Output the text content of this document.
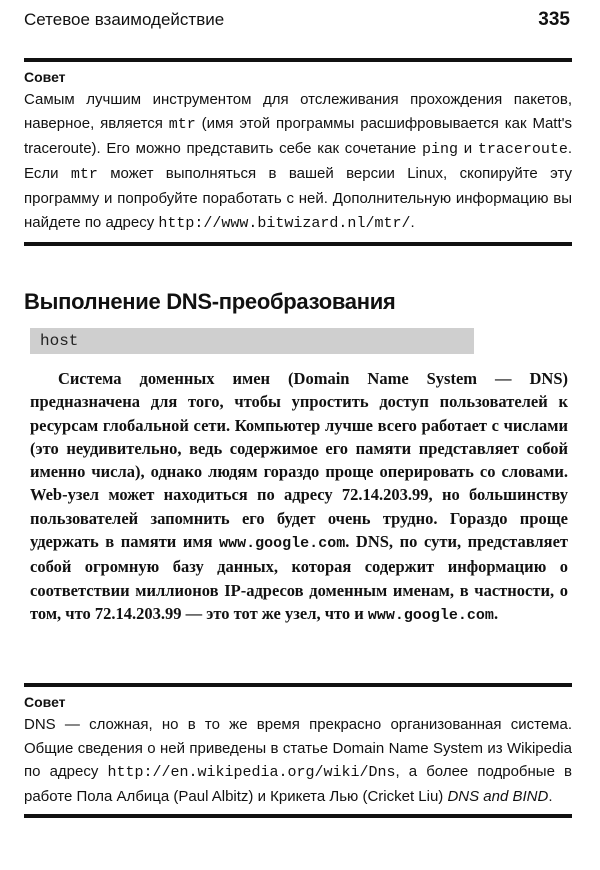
Сетевое взаимодействие	335
Совет
Самым лучшим инструментом для отслеживания прохождения пакетов, наверное, является mtr (имя этой программы расшифровывается как Matt's traceroute). Его можно представить себе как сочетание ping и traceroute. Если mtr может выполняться в вашей версии Linux, скопируйте эту программу и попробуйте поработать с ней. Дополнительную информацию вы найдете по адресу http://www.bitwizard.nl/mtr/.
Выполнение DNS-преобразования
host
Система доменных имен (Domain Name System — DNS) предназначена для того, чтобы упростить доступ пользователей к ресурсам глобальной сети. Компьютер лучше всего работает с числами (это неудивительно, ведь содержимое его памяти представляет собой именно числа), однако людям гораздо проще оперировать со словами. Web-узел может находиться по адресу 72.14.203.99, но большинству пользователей запомнить его будет очень трудно. Гораздо проще удержать в памяти имя www.google.com. DNS, по сути, представляет собой огромную базу данных, которая содержит информацию о соответствии миллионов IP-адресов доменным именам, в частности, о том, что 72.14.203.99 — это тот же узел, что и www.google.com.
Совет
DNS — сложная, но в то же время прекрасно организованная система. Общие сведения о ней приведены в статье Domain Name System из Wikipedia по адресу http://en.wikipedia.org/wiki/Dns, а более подробные в работе Пола Албица (Paul Albitz) и Крикета Лью (Cricket Liu) DNS and BIND.
